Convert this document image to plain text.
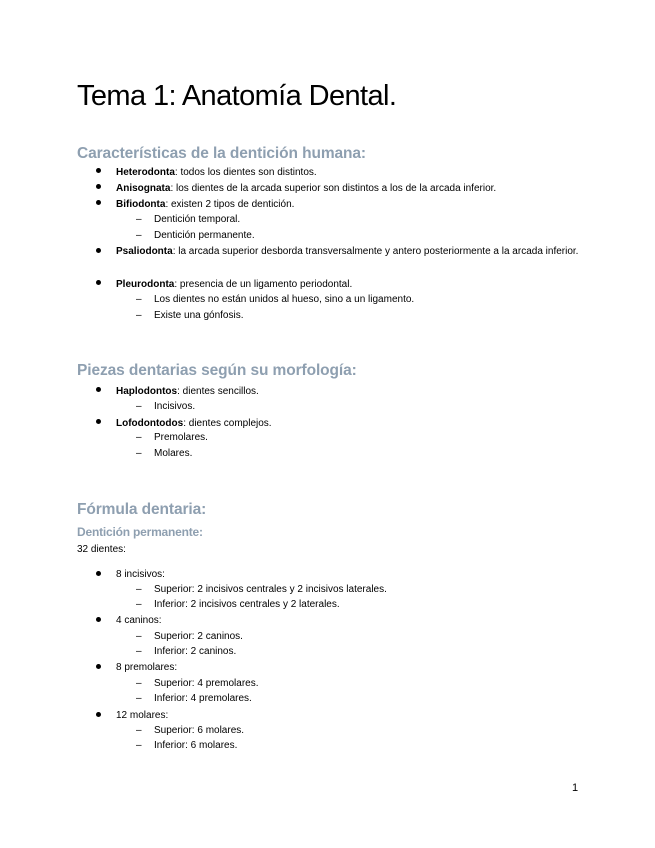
Tema 1: Anatomía Dental.
Características de la dentición humana:

Heterodonta: todos los dientes son distintos.

Anisognata: los dientes de la arcada superior son distintos a los de la arcada inferior.

Bifiodonta: existen 2 tipos de dentición.

– Dentición temporal.

– Dentición permanente.

Psaliodonta: la arcada superior desborda transversalmente y antero posteriormente a la arcada inferior.

Pleurodonta: presencia de un ligamento periodontal.

– Los dientes no están unidos al hueso, sino a un ligamento.

– Existe una gónfosis.

Piezas dentarias según su morfología:

Haplodontos: dientes sencillos.

– Incisivos.

Lofodontodos: dientes complejos.

– Premolares.

– Molares.

Fórmula dentaria:
Dentición permanente:

32 dientes:

8 incisivos:

– Superior: 2 incisivos centrales y 2 incisivos laterales.

– Inferior: 2 incisivos centrales y 2 laterales.

4 caninos:

– Superior: 2 caninos.

– Inferior: 2 caninos.

8 premolares:

– Superior: 4 premolares.

– Inferior: 4 premolares.

12 molares:

– Superior: 6 molares.

– Inferior: 6 molares.

1
